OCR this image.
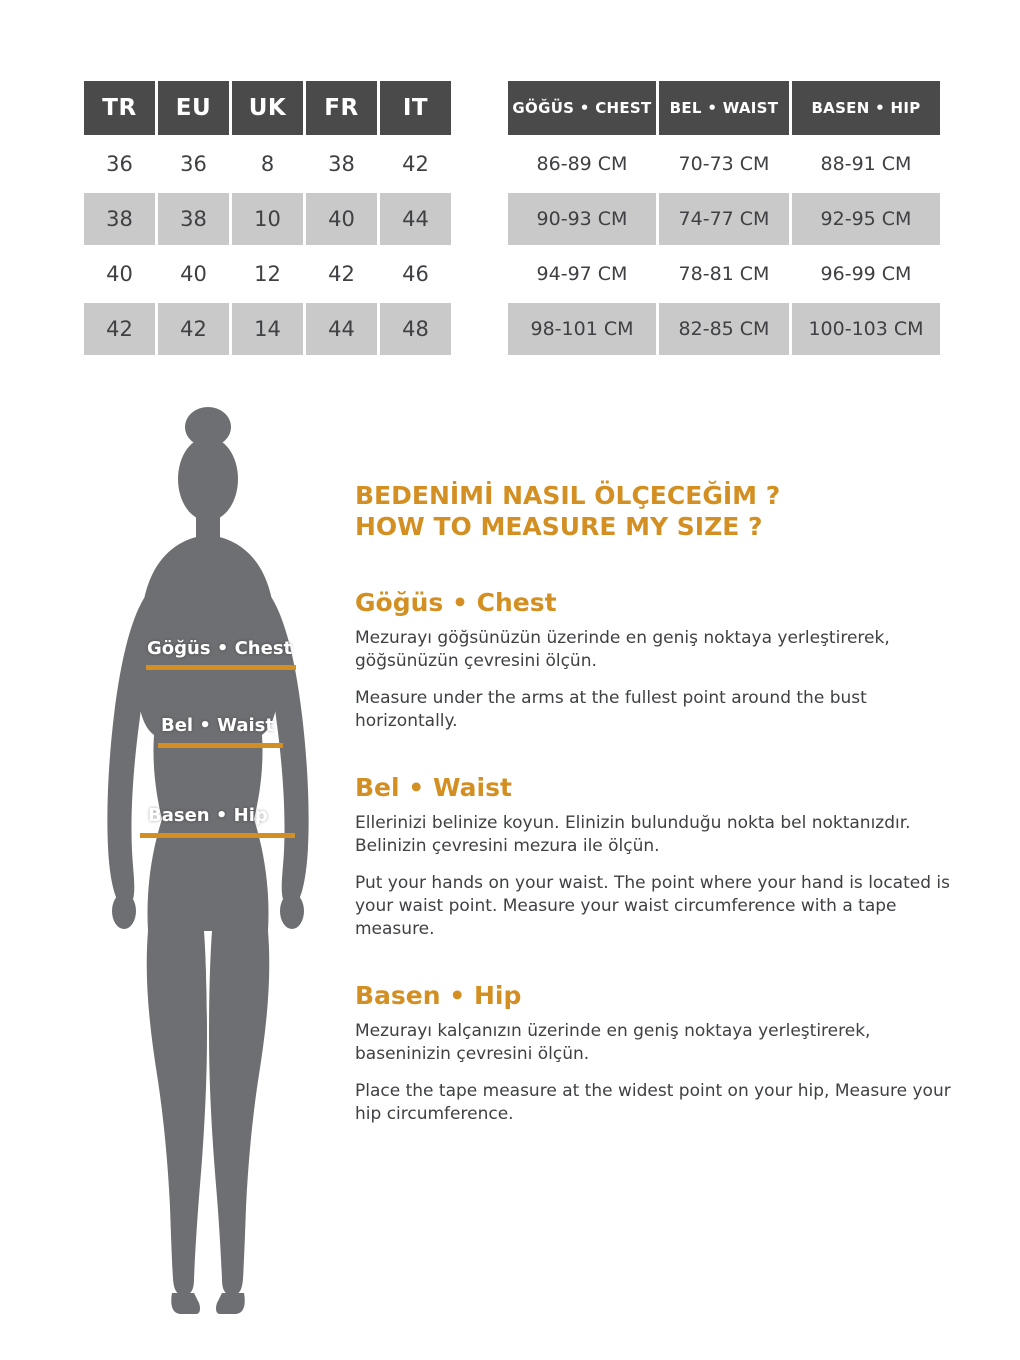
TR	EU	UK	FR	IT
36	36	8	38	42
38	38	10	40	44
40	40	12	42	46
42	42	14	44	48
GÖĞÜS • CHEST	BEL • WAIST	BASEN • HIP
86-89 CM	70-73 CM	88-91 CM
90-93 CM	74-77 CM	92-95 CM
94-97 CM	78-81 CM	96-99 CM
98-101 CM	82-85 CM	100-103 CM
Göğüs • Chest
Bel • Waist
Basen • Hip
BEDENİMİ NASIL ÖLÇECEĞİM ?
HOW TO MEASURE MY SIZE ?
Göğüs • Chest

Mezurayı göğsünüzün üzerinde en geniş noktaya yerleştirerek, göğsünüzün çevresini ölçün.

Measure under the arms at the fullest point around the bust horizontally.

Bel • Waist

Ellerinizi belinize koyun. Elinizin bulunduğu nokta bel noktanızdır. Belinizin çevresini mezura ile ölçün.

Put your hands on your waist. The point where your hand is located is your waist point. Measure your waist circumference with a tape measure.

Basen • Hip

Mezurayı kalçanızın üzerinde en geniş noktaya yerleştirerek, baseninizin çevresini ölçün.

Place the tape measure at the widest point on your hip, Measure your hip circumference.
